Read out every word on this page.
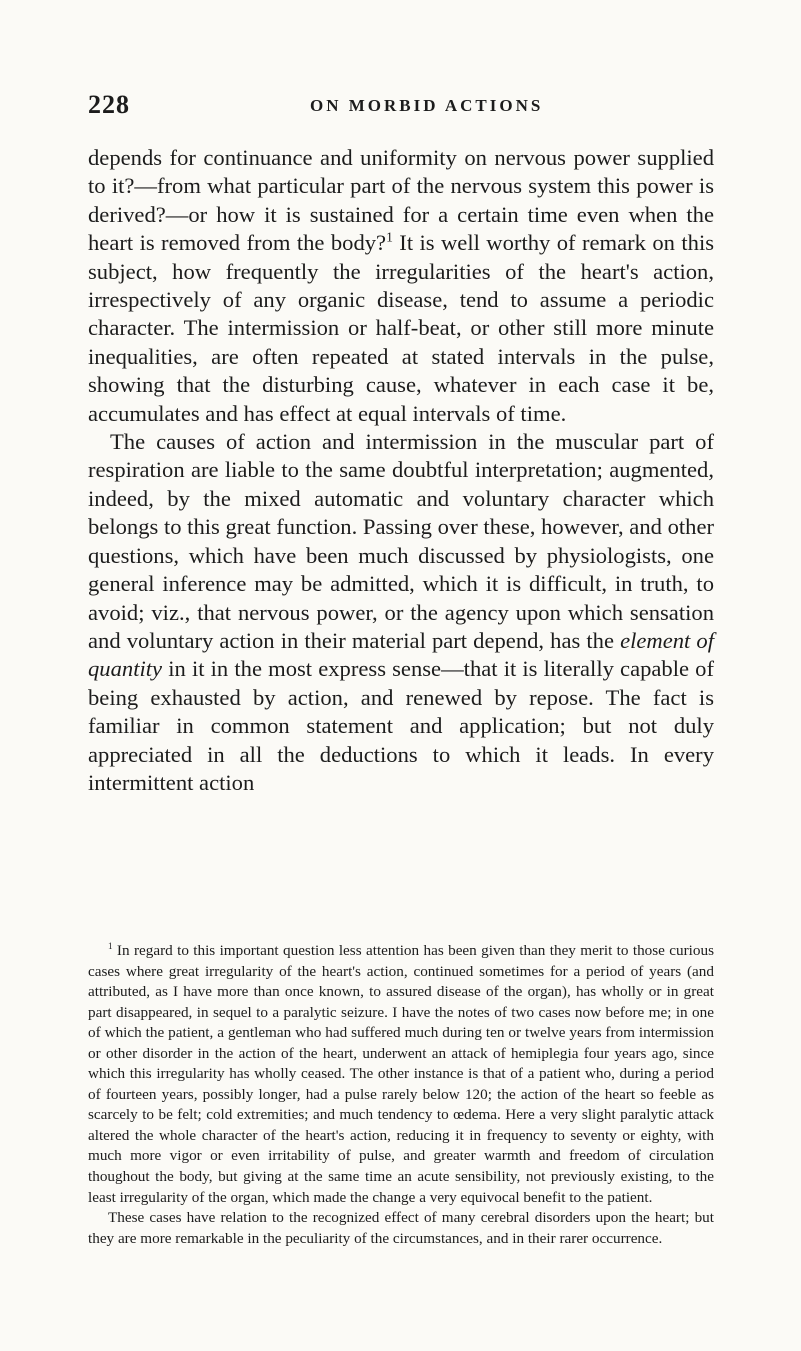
228	ON MORBID ACTIONS

depends for continuance and uniformity on nervous power supplied to it?—from what particular part of the nervous system this power is derived?—or how it is sustained for a certain time even when the heart is removed from the body?$^1$ It is well worthy of remark on this subject, how frequently the irregularities of the heart's action, irrespectively of any organic disease, tend to assume a periodic character. The intermission or half-beat, or other still more minute inequalities, are often repeated at stated intervals in the pulse, showing that the disturbing cause, whatever in each case it be, accumulates and has effect at equal intervals of time.

The causes of action and intermission in the muscular part of respiration are liable to the same doubtful interpretation; augmented, indeed, by the mixed automatic and voluntary character which belongs to this great function. Passing over these, however, and other questions, which have been much discussed by physiologists, one general inference may be admitted, which it is difficult, in truth, to avoid; viz., that nervous power, or the agency upon which sensation and voluntary action in their material part depend, has the element of quantity in it in the most express sense—that it is literally capable of being exhausted by action, and renewed by repose. The fact is familiar in common statement and application; but not duly appreciated in all the deductions to which it leads. In every intermittent action

$^1$ In regard to this important question less attention has been given than they merit to those curious cases where great irregularity of the heart's action, continued sometimes for a period of years (and attributed, as I have more than once known, to assured disease of the organ), has wholly or in great part disappeared, in sequel to a paralytic seizure. I have the notes of two cases now before me; in one of which the patient, a gentleman who had suffered much during ten or twelve years from intermission or other disorder in the action of the heart, underwent an attack of hemiplegia four years ago, since which this irregularity has wholly ceased. The other instance is that of a patient who, during a period of fourteen years, possibly longer, had a pulse rarely below 120; the action of the heart so feeble as scarcely to be felt; cold extremities; and much tendency to œdema. Here a very slight paralytic attack altered the whole character of the heart's action, reducing it in frequency to seventy or eighty, with much more vigor or even irritability of pulse, and greater warmth and freedom of circulation thoughout the body, but giving at the same time an acute sensibility, not previously existing, to the least irregularity of the organ, which made the change a very equivocal benefit to the patient.

These cases have relation to the recognized effect of many cerebral disorders upon the heart; but they are more remarkable in the peculiarity of the circumstances, and in their rarer occurrence.
